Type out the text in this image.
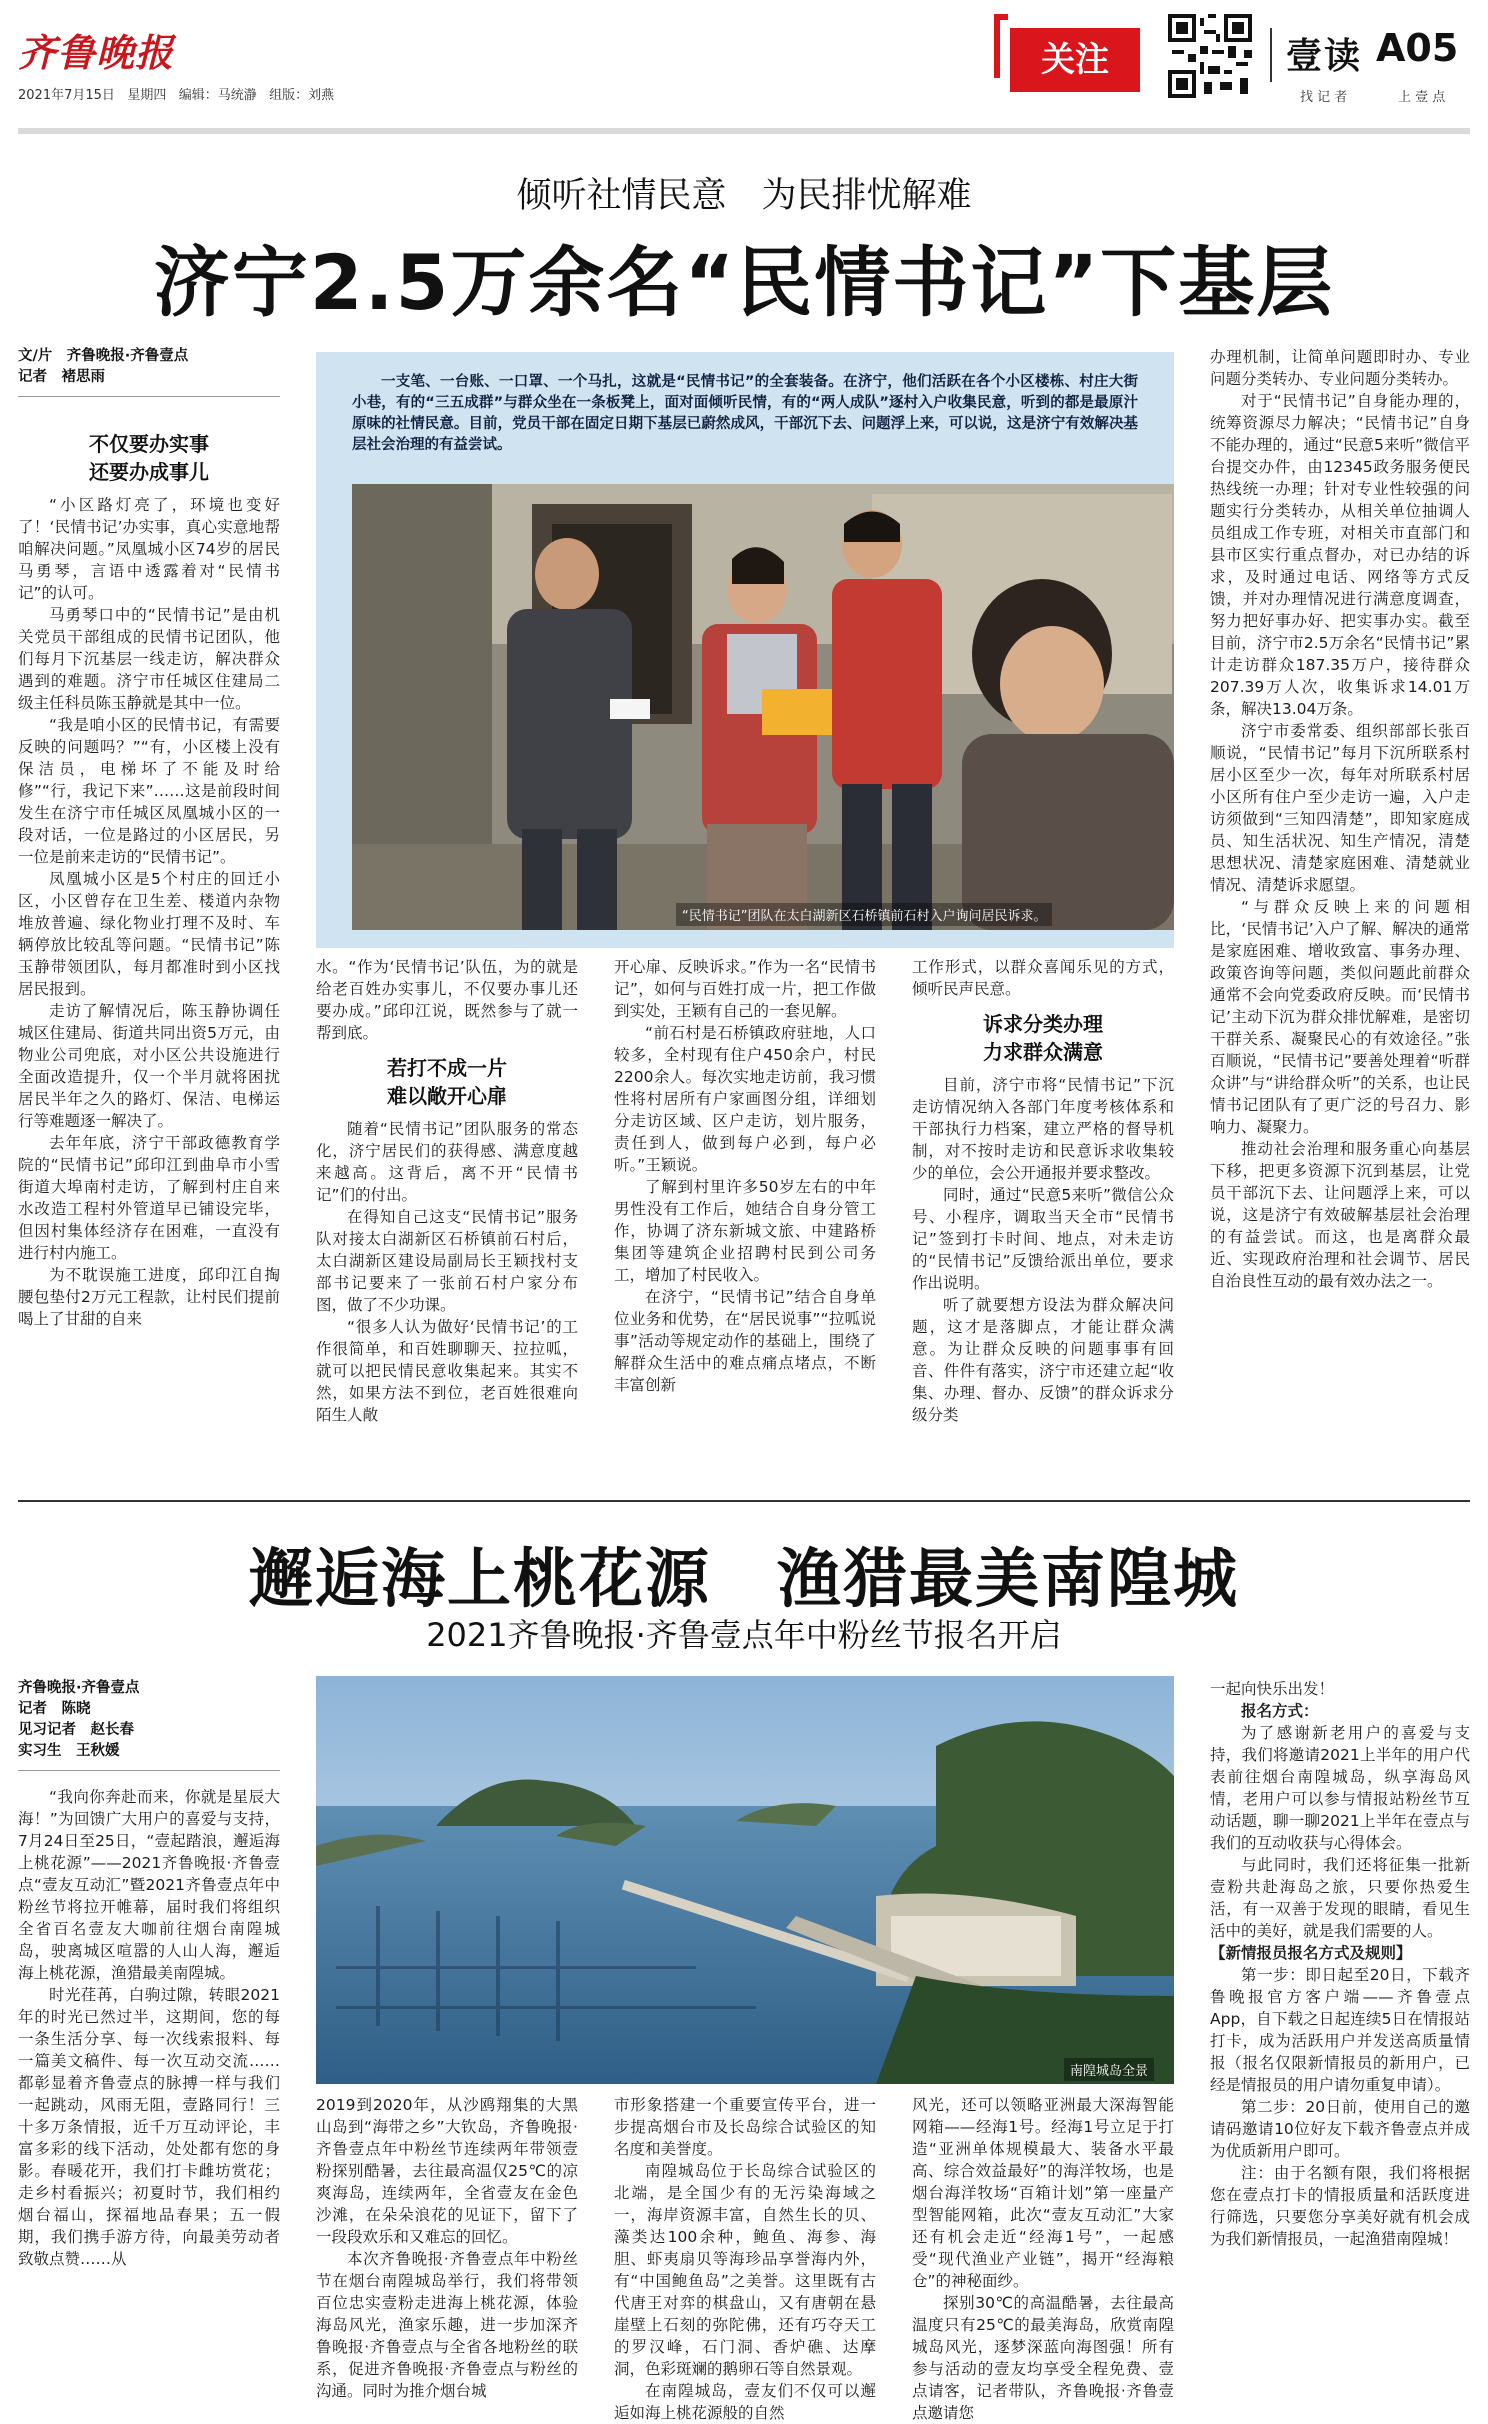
齐鲁晚报
2021年7月15日 星期四 编辑：马统瀞 组版：刘燕
关注	壹读 A05
找 记 者	上 壹 点
倾听社情民意　为民排忧解难
济宁2.5万余名“民情书记”下基层
文/片　齐鲁晚报·齐鲁壹点
记者　褚思雨
不仅要办实事
还要办成事儿

“小区路灯亮了，环境也变好了！‘民情书记’办实事，真心实意地帮咱解决问题。”凤凰城小区74岁的居民马勇琴，言语中透露着对“民情书记”的认可。

马勇琴口中的“民情书记”是由机关党员干部组成的民情书记团队，他们每月下沉基层一线走访，解决群众遇到的难题。济宁市任城区住建局二级主任科员陈玉静就是其中一位。

“我是咱小区的民情书记，有需要反映的问题吗？”“有，小区楼上没有保洁员，电梯坏了不能及时给修”“行，我记下来”……这是前段时间发生在济宁市任城区凤凰城小区的一段对话，一位是路过的小区居民，另一位是前来走访的“民情书记”。

凤凰城小区是5个村庄的回迁小区，小区曾存在卫生差、楼道内杂物堆放普遍、绿化物业打理不及时、车辆停放比较乱等问题。“民情书记”陈玉静带领团队，每月都准时到小区找居民报到。

走访了解情况后，陈玉静协调任城区住建局、街道共同出资5万元，由物业公司兜底，对小区公共设施进行全面改造提升，仅一个半月就将困扰居民半年之久的路灯、保洁、电梯运行等难题逐一解决了。

去年年底，济宁干部政德教育学院的“民情书记”邱印江到曲阜市小雪街道大埠南村走访，了解到村庄自来水改造工程村外管道早已铺设完毕，但因村集体经济存在困难，一直没有进行村内施工。

为不耽误施工进度，邱印江自掏腰包垫付2万元工程款，让村民们提前喝上了甘甜的自来

一支笔、一台账、一口罩、一个马扎，这就是“民情书记”的全套装备。在济宁，他们活跃在各个小区楼栋、村庄大街小巷，有的“三五成群”与群众坐在一条板凳上，面对面倾听民情，有的“两人成队”逐村入户收集民意，听到的都是最原汁原味的社情民意。目前，党员干部在固定日期下基层已蔚然成风，干部沉下去、问题浮上来，可以说，这是济宁有效解决基层社会治理的有益尝试。
“民情书记”团队在太白湖新区石桥镇前石村入户询问居民诉求。

水。“作为‘民情书记’队伍，为的就是给老百姓办实事儿，不仅要办事儿还要办成。”邱印江说，既然参与了就一帮到底。

若打不成一片
难以敞开心扉

随着“民情书记”团队服务的常态化，济宁居民们的获得感、满意度越来越高。这背后，离不开“民情书记”们的付出。

在得知自己这支“民情书记”服务队对接太白湖新区石桥镇前石村后，太白湖新区建设局副局长王颖找村支部书记要来了一张前石村户家分布图，做了不少功课。

“很多人认为做好‘民情书记’的工作很简单，和百姓聊聊天、拉拉呱，就可以把民情民意收集起来。其实不然，如果方法不到位，老百姓很难向陌生人敞

开心扉、反映诉求。”作为一名“民情书记”，如何与百姓打成一片，把工作做到实处，王颖有自己的一套见解。

“前石村是石桥镇政府驻地，人口较多，全村现有住户450余户，村民2200余人。每次实地走访前，我习惯性将村居所有户家画图分组，详细划分走访区域、区户走访，划片服务，责任到人，做到每户必到，每户必听。”王颖说。

了解到村里许多50岁左右的中年男性没有工作后，她结合自身分管工作，协调了济东新城文旅、中建路桥集团等建筑企业招聘村民到公司务工，增加了村民收入。

在济宁，“民情书记”结合自身单位业务和优势，在“居民说事”“拉呱说事”活动等规定动作的基础上，围绕了解群众生活中的难点痛点堵点，不断丰富创新

工作形式，以群众喜闻乐见的方式，倾听民声民意。

诉求分类办理
力求群众满意

目前，济宁市将“民情书记”下沉走访情况纳入各部门年度考核体系和干部执行力档案，建立严格的督导机制，对不按时走访和民意诉求收集较少的单位，会公开通报并要求整改。

同时，通过“民意5来听”微信公众号、小程序，调取当天全市“民情书记”签到打卡时间、地点，对未走访的“民情书记”反馈给派出单位，要求作出说明。

听了就要想方设法为群众解决问题，这才是落脚点，才能让群众满意。为让群众反映的问题事事有回音、件件有落实，济宁市还建立起“收集、办理、督办、反馈”的群众诉求分级分类

办理机制，让简单问题即时办、专业问题分类转办、专业问题分类转办。

对于“民情书记”自身能办理的，统筹资源尽力解决；“民情书记”自身不能办理的，通过“民意5来听”微信平台提交办件，由12345政务服务便民热线统一办理；针对专业性较强的问题实行分类转办，从相关单位抽调人员组成工作专班，对相关市直部门和县市区实行重点督办，对已办结的诉求，及时通过电话、网络等方式反馈，并对办理情况进行满意度调查，努力把好事办好、把实事办实。截至目前，济宁市2.5万余名“民情书记”累计走访群众187.35万户，接待群众207.39万人次，收集诉求14.01万条，解决13.04万条。

济宁市委常委、组织部部长张百顺说，“民情书记”每月下沉所联系村居小区至少一次，每年对所联系村居小区所有住户至少走访一遍，入户走访须做到“三知四清楚”，即知家庭成员、知生活状况、知生产情况，清楚思想状况、清楚家庭困难、清楚就业情况、清楚诉求愿望。

“与群众反映上来的问题相比，‘民情书记’入户了解、解决的通常是家庭困难、增收致富、事务办理、政策咨询等问题，类似问题此前群众通常不会向党委政府反映。而‘民情书记’主动下沉为群众排忧解难，是密切干群关系、凝聚民心的有效途径。”张百顺说，“民情书记”要善处理着“听群众讲”与“讲给群众听”的关系，也让民情书记团队有了更广泛的号召力、影响力、凝聚力。

推动社会治理和服务重心向基层下移，把更多资源下沉到基层，让党员干部沉下去、让问题浮上来，可以说，这是济宁有效破解基层社会治理的有益尝试。而这，也是离群众最近、实现政府治理和社会调节、居民自治良性互动的最有效办法之一。

邂逅海上桃花源　渔猎最美南隍城
2021齐鲁晚报·齐鲁壹点年中粉丝节报名开启
齐鲁晚报·齐鲁壹点
记者　陈晓
见习记者　赵长春
实习生　王秋媛

“我向你奔赴而来，你就是星辰大海！”为回馈广大用户的喜爱与支持，7月24日至25日，“壹起踏浪，邂逅海上桃花源”——2021齐鲁晚报·齐鲁壹点“壹友互动汇”暨2021齐鲁壹点年中粉丝节将拉开帷幕，届时我们将组织全省百名壹友大咖前往烟台南隍城岛，驶离城区喧嚣的人山人海，邂逅海上桃花源，渔猎最美南隍城。

时光荏苒，白驹过隙，转眼2021年的时光已然过半，这期间，您的每一条生活分享、每一次线索报料、每一篇美文稿件、每一次互动交流……都彰显着齐鲁壹点的脉搏一样与我们一起跳动，风雨无阻，壹路同行！三十多万条情报，近千万互动评论，丰富多彩的线下活动，处处都有您的身影。春暖花开，我们打卡雌坊赏花；走乡村看振兴；初夏时节，我们相约烟台福山，探福地品春果；五一假期，我们携手游方待，向最美劳动者致敬点赞……从

南隍城岛全景

2019到2020年，从沙鸥翔集的大黑山岛到“海带之乡”大钦岛，齐鲁晚报·齐鲁壹点年中粉丝节连续两年带领壹粉探别酷暑，去往最高温仅25℃的凉爽海岛，连续两年，全省壹友在金色沙滩，在朵朵浪花的见证下，留下了一段段欢乐和又难忘的回忆。

本次齐鲁晚报·齐鲁壹点年中粉丝节在烟台南隍城岛举行，我们将带领百位忠实壹粉走进海上桃花源，体验海岛风光，渔家乐趣，进一步加深齐鲁晚报·齐鲁壹点与全省各地粉丝的联系，促进齐鲁晚报·齐鲁壹点与粉丝的沟通。同时为推介烟台城

市形象搭建一个重要宣传平台，进一步提高烟台市及长岛综合试验区的知名度和美誉度。

南隍城岛位于长岛综合试验区的北端，是全国少有的无污染海域之一，海岸资源丰富，自然生长的贝、藻类达100余种，鲍鱼、海参、海胆、虾夷扇贝等海珍品享誉海内外，有“中国鲍鱼岛”之美誉。这里既有古代唐王对弈的棋盘山，又有唐朝在悬崖壁上石刻的弥陀佛，还有巧夺天工的罗汉峰，石门洞、香炉礁、达摩洞，色彩斑斓的鹅卵石等自然景观。

在南隍城岛，壹友们不仅可以邂逅如海上桃花源般的自然

风光，还可以领略亚洲最大深海智能网箱——经海1号。经海1号立足于打造“亚洲单体规模最大、装备水平最高、综合效益最好”的海洋牧场，也是烟台海洋牧场“百箱计划”第一座量产型智能网箱，此次“壹友互动汇”大家还有机会走近“经海1号”，一起感受“现代渔业产业链”，揭开“经海粮仓”的神秘面纱。

探别30℃的高温酷暑，去往最高温度只有25℃的最美海岛，欣赏南隍城岛风光，逐梦深蓝向海图强！所有参与活动的壹友均享受全程免费、壹点请客，记者带队，齐鲁晚报·齐鲁壹点邀请您

一起向快乐出发！

报名方式：

为了感谢新老用户的喜爱与支持，我们将邀请2021上半年的用户代表前往烟台南隍城岛，纵享海岛风情，老用户可以参与情报站粉丝节互动话题，聊一聊2021上半年在壹点与我们的互动收获与心得体会。

与此同时，我们还将征集一批新壹粉共赴海岛之旅，只要你热爱生活，有一双善于发现的眼睛，看见生活中的美好，就是我们需要的人。

【新情报员报名方式及规则】

第一步：即日起至20日，下载齐鲁晚报官方客户端——齐鲁壹点App，自下载之日起连续5日在情报站打卡，成为活跃用户并发送高质量情报（报名仅限新情报员的新用户，已经是情报员的用户请勿重复申请）。

第二步：20日前，使用自己的邀请码邀请10位好友下载齐鲁壹点并成为优质新用户即可。

注：由于名额有限，我们将根据您在壹点打卡的情报质量和活跃度进行筛选，只要您分享美好就有机会成为我们新情报员，一起渔猎南隍城！
